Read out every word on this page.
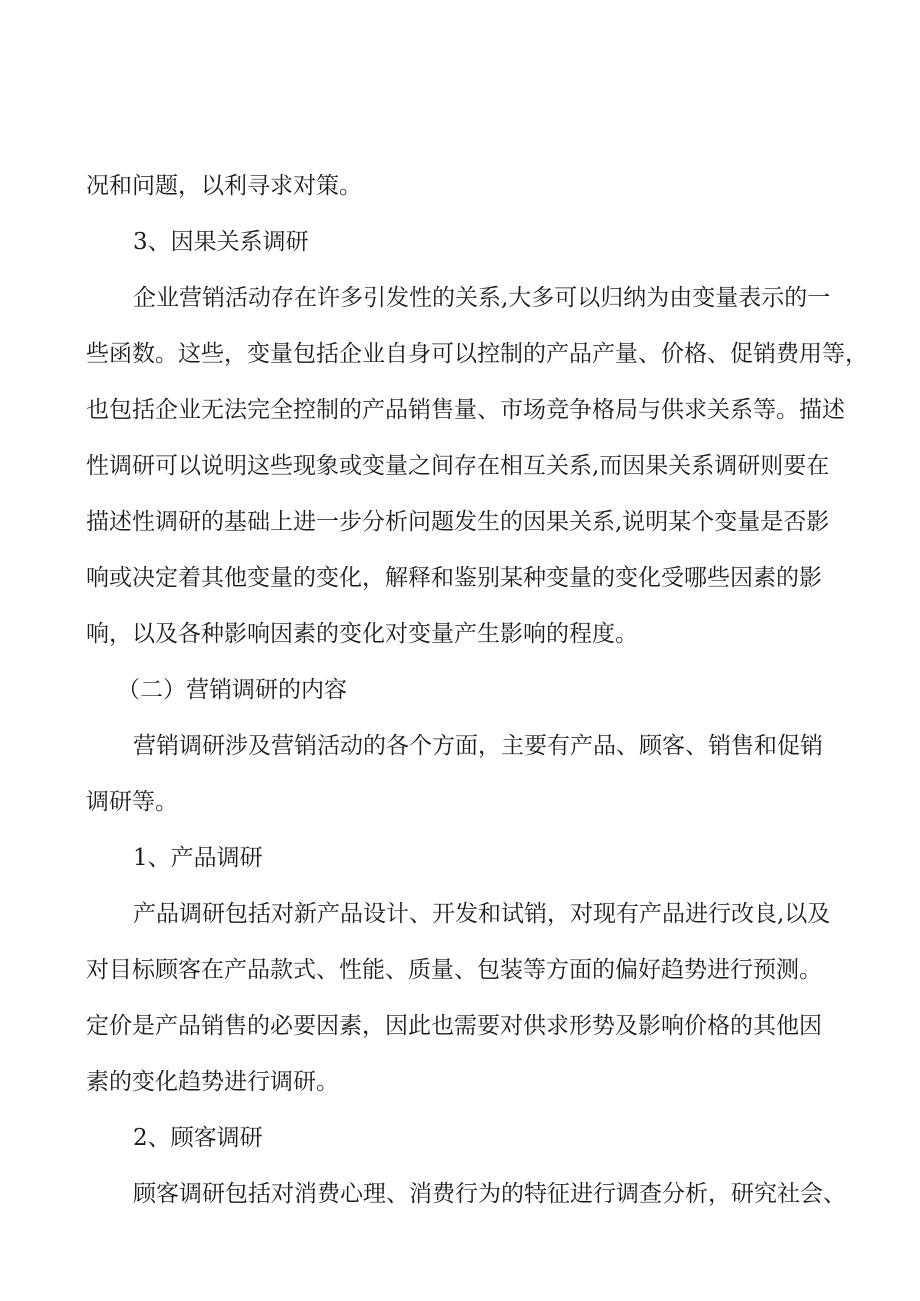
况和问题，以利寻求对策。
3、因果关系调研
企业营销活动存在许多引发性的关系,大多可以归纳为由变量表示的一
些函数。这些，变量包括企业自身可以控制的产品产量、价格、促销费用等，
也包括企业无法完全控制的产品销售量、市场竞争格局与供求关系等。描述
性调研可以说明这些现象或变量之间存在相互关系,而因果关系调研则要在
描述性调研的基础上进一步分析问题发生的因果关系,说明某个变量是否影
响或决定着其他变量的变化，解释和鉴别某种变量的变化受哪些因素的影
响，以及各种影响因素的变化对变量产生影响的程度。
（二）营销调研的内容
营销调研涉及营销活动的各个方面，主要有产品、顾客、销售和促销
调研等。
1、产品调研
产品调研包括对新产品设计、开发和试销，对现有产品进行改良,以及
对目标顾客在产品款式、性能、质量、包装等方面的偏好趋势进行预测。
定价是产品销售的必要因素，因此也需要对供求形势及影响价格的其他因
素的变化趋势进行调研。
2、顾客调研
顾客调研包括对消费心理、消费行为的特征进行调查分析，研究社会、
